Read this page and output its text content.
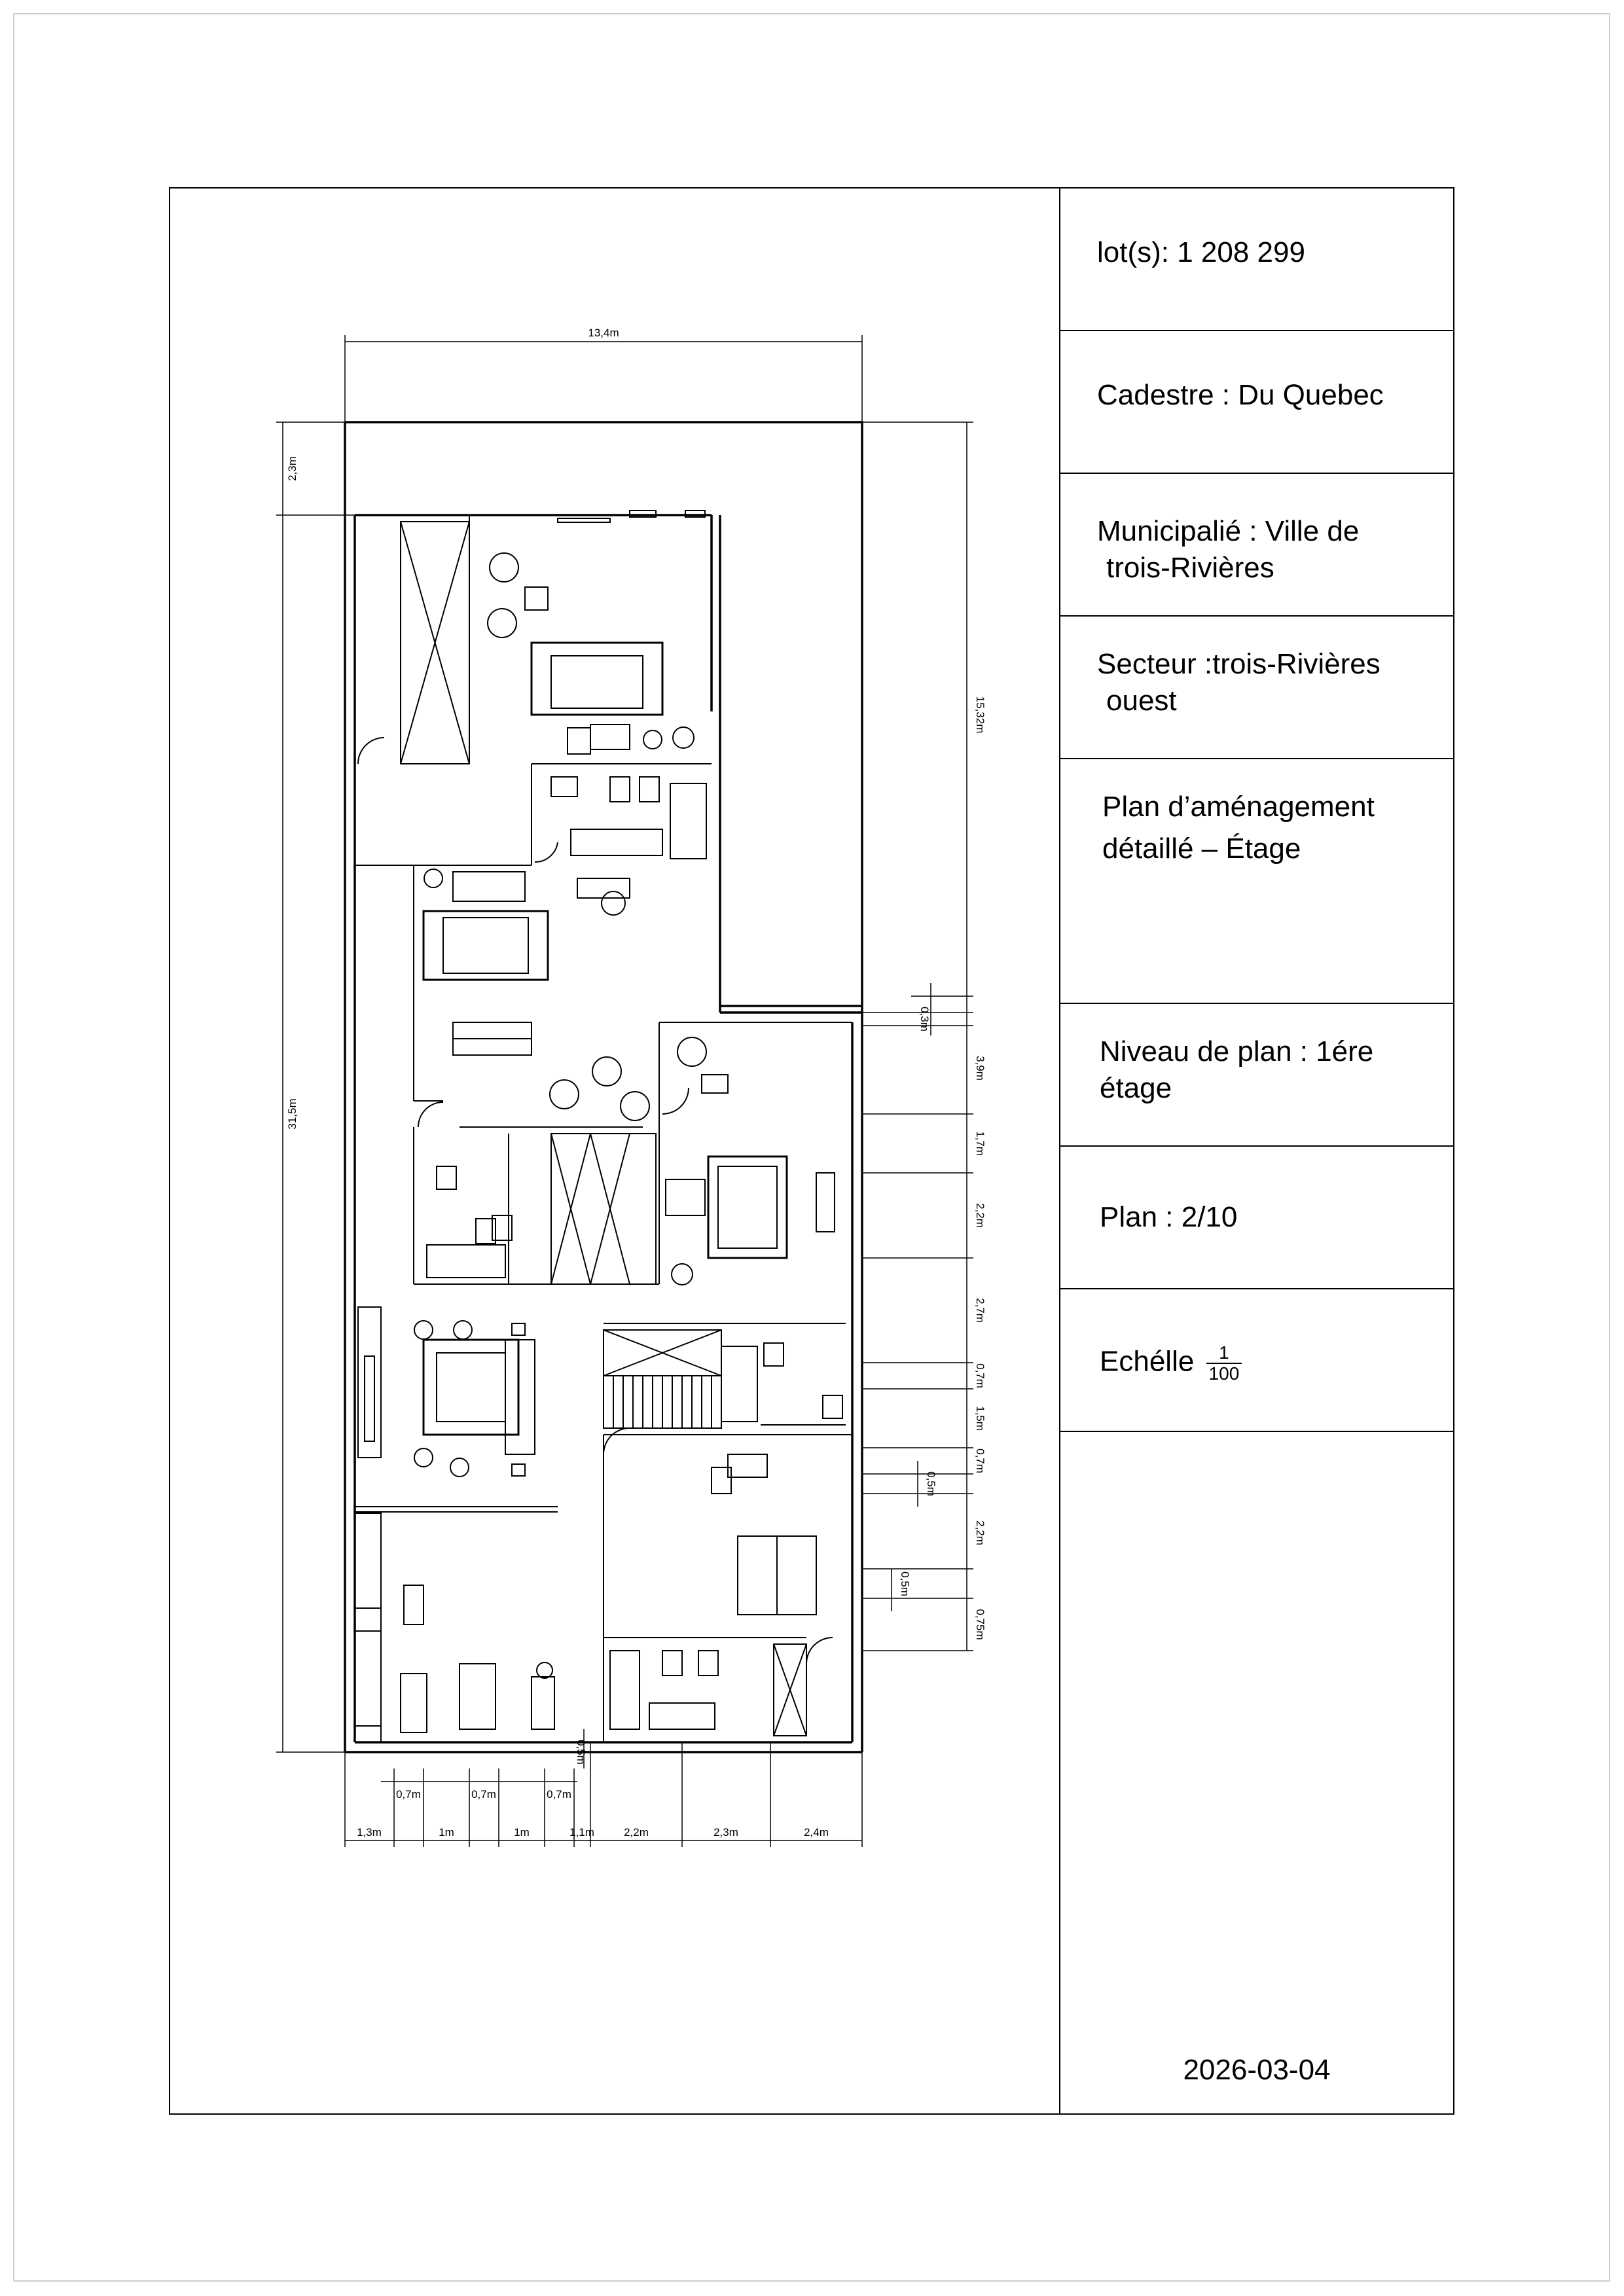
13,4m
2,3m
31,5m
15,32m
0,3m
3,9m
1,7m
2,2m
2,7m
0,7m
1,5m
0,7m
0,5m
2,2m
0,5m
0,75m
0,5m
0,7m	0,7m	0,7m
1,3m	1m	1m	1,1m	2,2m	2,3m	2,4m
lot(s): 1 208 299
Cadestre : Du Quebec
Municipalié : Ville de
trois-Rivières
Secteur :trois-Rivières
ouest
Plan d’aménagement
détaillé – Étage
Niveau de plan : 1ére
étage
Plan : 2/10
Echélle $\frac{1}{100}$
2026-03-04
